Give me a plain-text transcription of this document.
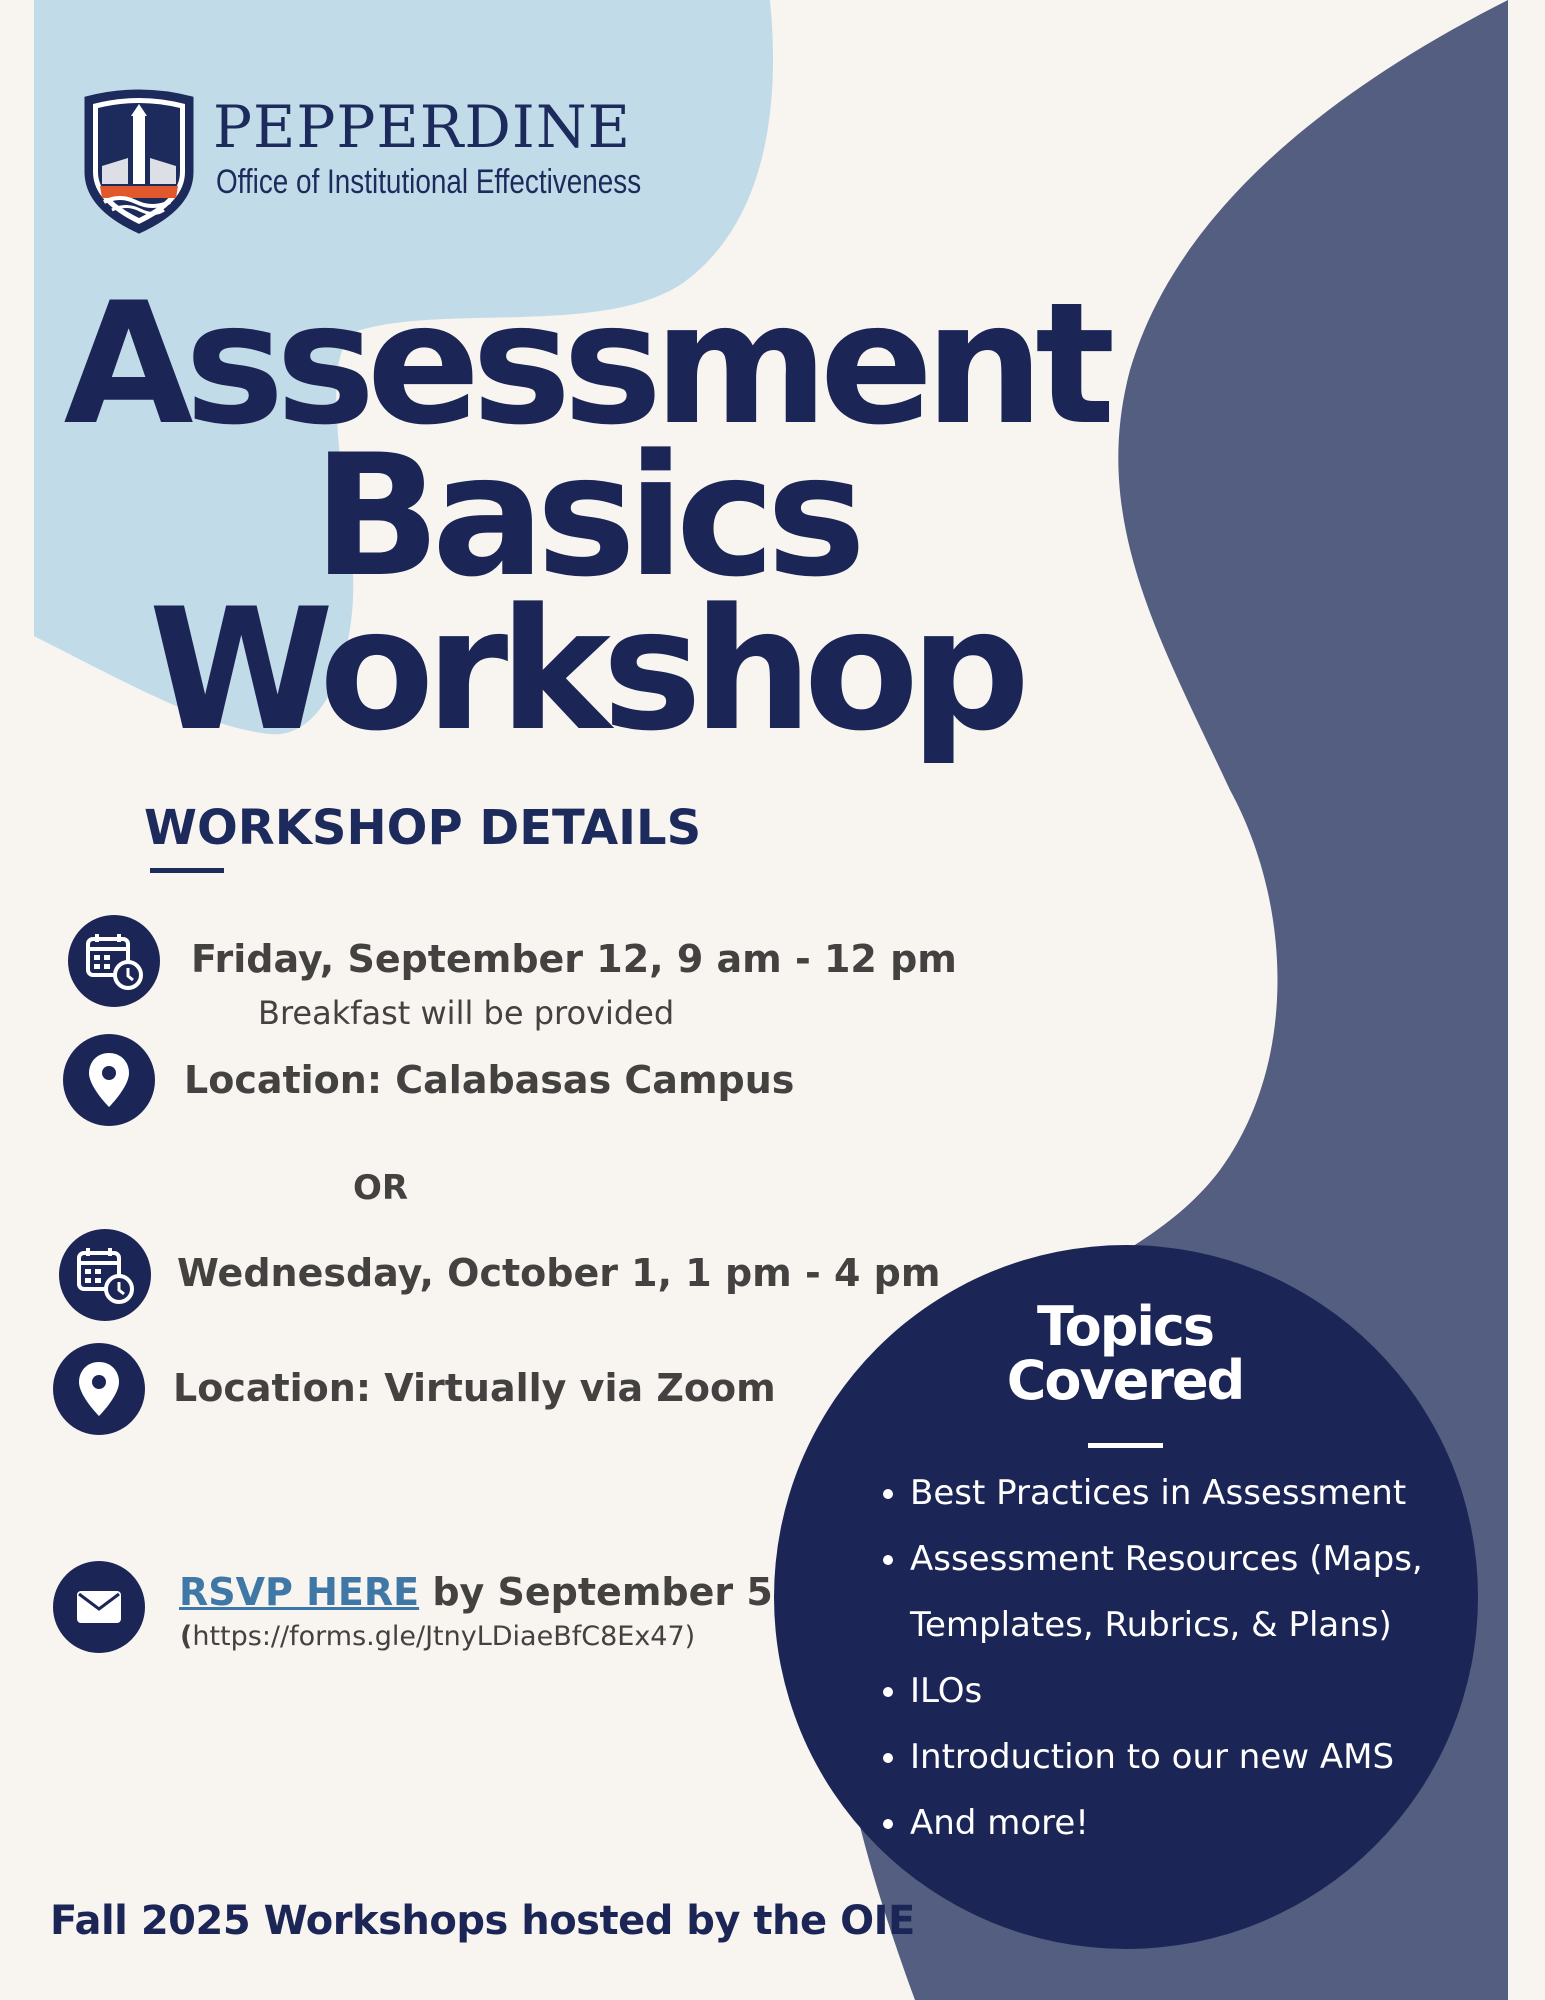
PEPPERDINE
Office of Institutional Effectiveness
Assessment
Basics
Workshop
WORKSHOP DETAILS
Friday, September 12, 9 am - 12 pm
Breakfast will be provided
Location: Calabasas Campus
OR
Wednesday, October 1, 1 pm - 4 pm
Location: Virtually via Zoom
RSVP HERE by September 5
(https://forms.gle/JtnyLDiaeBfC8Ex47)
Topics
Covered
• Best Practices in Assessment
• Assessment Resources (Maps, Templates, Rubrics, & Plans)
• ILOs
• Introduction to our new AMS
• And more!
Fall 2025 Workshops hosted by the OIE
